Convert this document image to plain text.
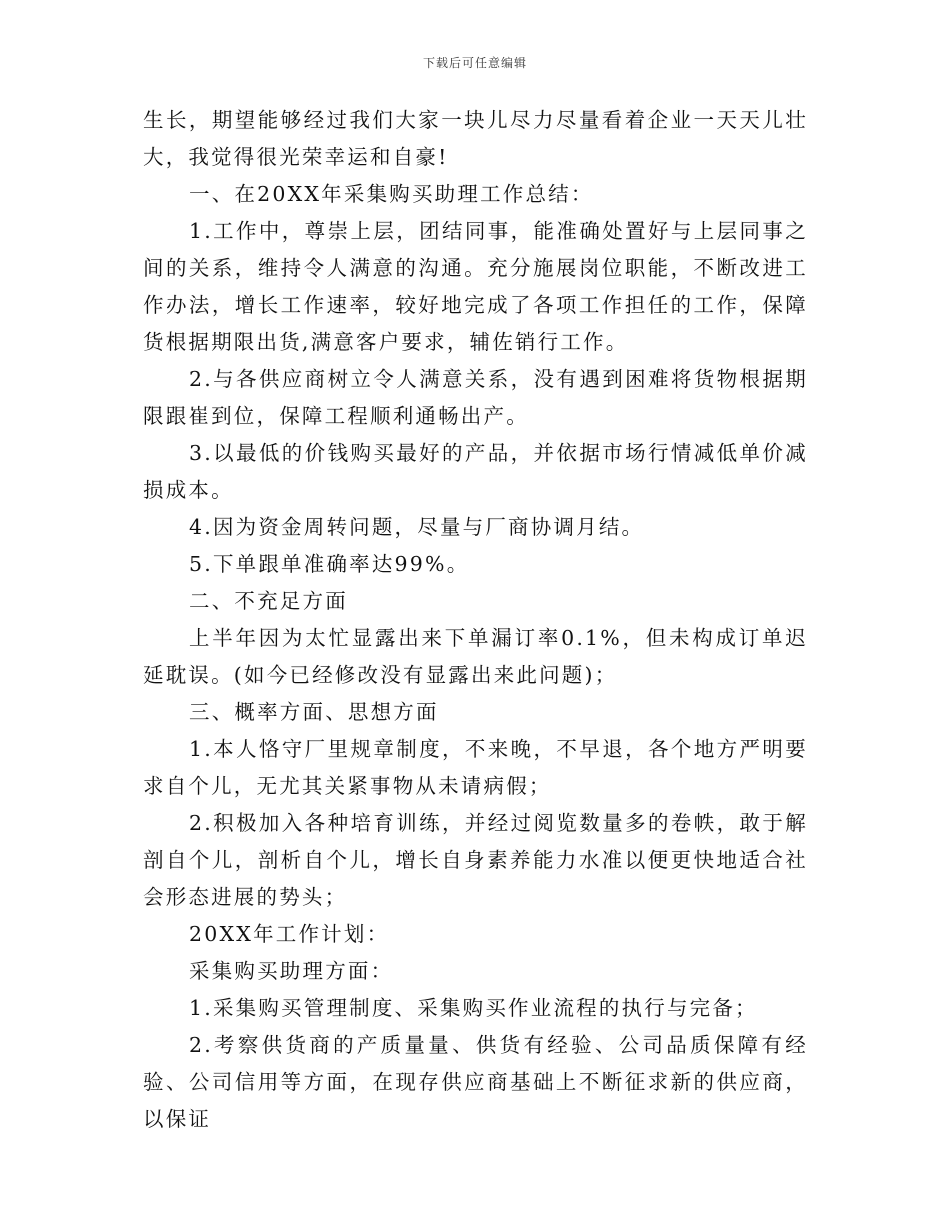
下载后可任意编辑

生长，期望能够经过我们大家一块儿尽力尽量看着企业一天天儿壮大，我觉得很光荣幸运和自豪!

一、在20XX年采集购买助理工作总结：

1.工作中，尊崇上层，团结同事，能准确处置好与上层同事之间的关系，维持令人满意的沟通。充分施展岗位职能，不断改进工作办法，增长工作速率，较好地完成了各项工作担任的工作，保障货根据期限出货,满意客户要求，辅佐销行工作。

2.与各供应商树立令人满意关系，没有遇到困难将货物根据期限跟崔到位，保障工程顺利通畅出产。

3.以最低的价钱购买最好的产品，并依据市场行情减低单价减损成本。

4.因为资金周转问题，尽量与厂商协调月结。

5.下单跟单准确率达99%。

二、不充足方面

上半年因为太忙显露出来下单漏订率0.1%，但未构成订单迟延耽误。(如今已经修改没有显露出来此问题)；

三、概率方面、思想方面

1.本人恪守厂里规章制度，不来晚，不早退，各个地方严明要求自个儿，无尤其关紧事物从未请病假；

2.积极加入各种培育训练，并经过阅览数量多的卷帙，敢于解剖自个儿，剖析自个儿，增长自身素养能力水准以便更快地适合社会形态进展的势头；

20XX年工作计划：

采集购买助理方面：

1.采集购买管理制度、采集购买作业流程的执行与完备；

2.考察供货商的产质量量、供货有经验、公司品质保障有经验、公司信用等方面，在现存供应商基础上不断征求新的供应商，以保证
